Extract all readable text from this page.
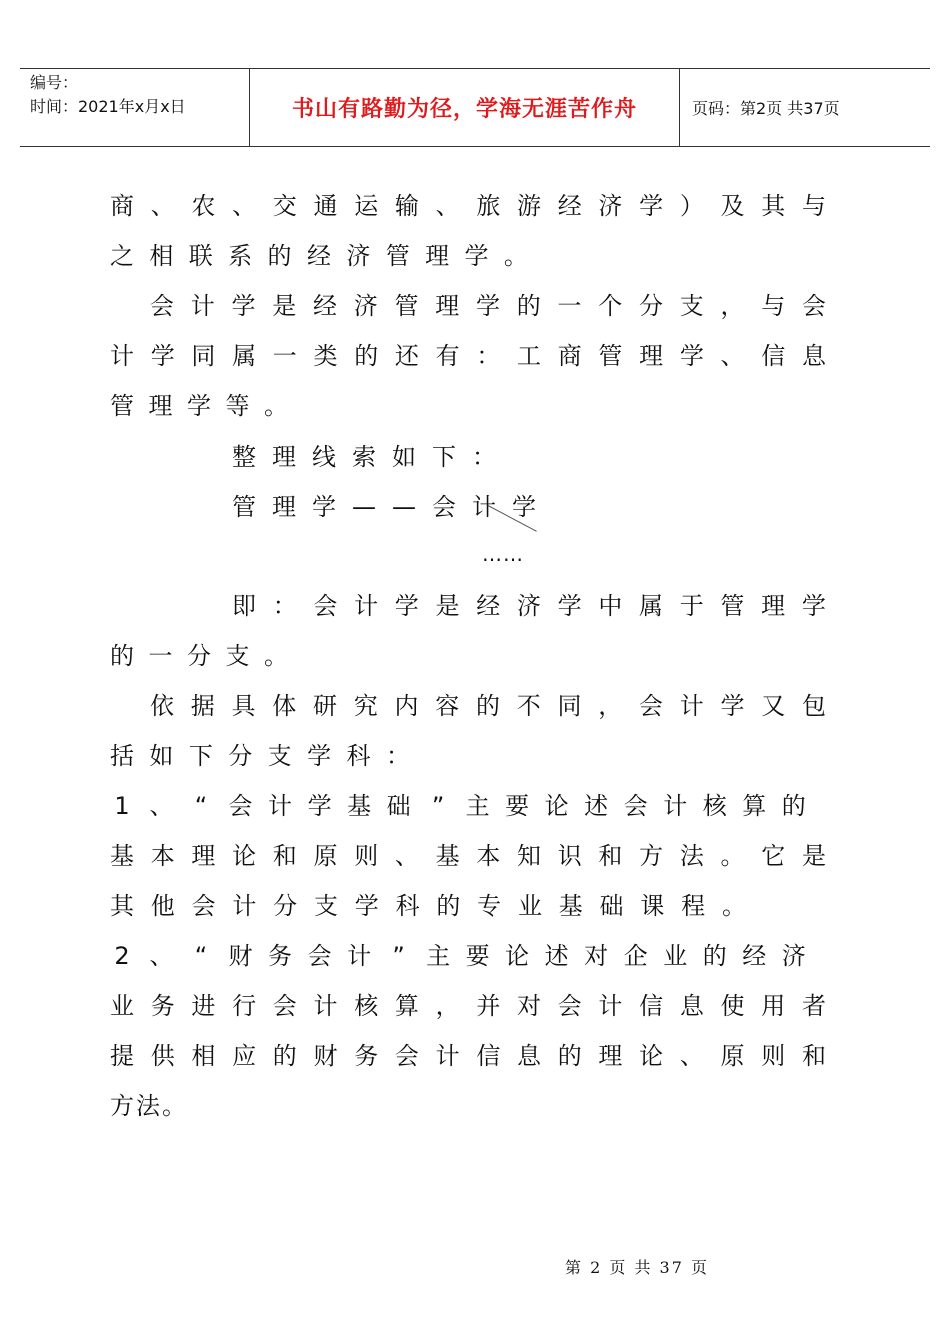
编号：
时间：2021年x月x日	书山有路勤为径，学海无涯苦作舟	页码：第2页 共37页
商 、 农 、 交 通 运 输 、 旅 游 经 济 学 ） 及 其 与
之 相 联 系 的 经 济 管 理 学 。
会 计 学 是 经 济 管 理 学 的 一 个 分 支 ， 与 会
计 学 同 属 一 类 的 还 有 ： 工 商 管 理 学 、 信 息
管 理 学 等 。
整 理 线 索 如 下 ：
管 理 学 — — 会 计 学
即 ： 会 计 学 是 经 济 学 中 属 于 管 理 学
的 一 分 支 。
依 据 具 体 研 究 内 容 的 不 同 ， 会 计 学 又 包
括 如 下 分 支 学 科 ：
1 、 “ 会 计 学 基 础 ” 主 要 论 述 会 计 核 算 的
基 本 理 论 和 原 则 、 基 本 知 识 和 方 法 。 它 是
其 他 会 计 分 支 学 科 的 专 业 基 础 课 程 。
2 、 “ 财 务 会 计 ” 主 要 论 述 对 企 业 的 经 济
业 务 进 行 会 计 核 算 ， 并 对 会 计 信 息 使 用 者
提 供 相 应 的 财 务 会 计 信 息 的 理 论 、 原 则 和
方法。
……
第 2 页 共 37 页
